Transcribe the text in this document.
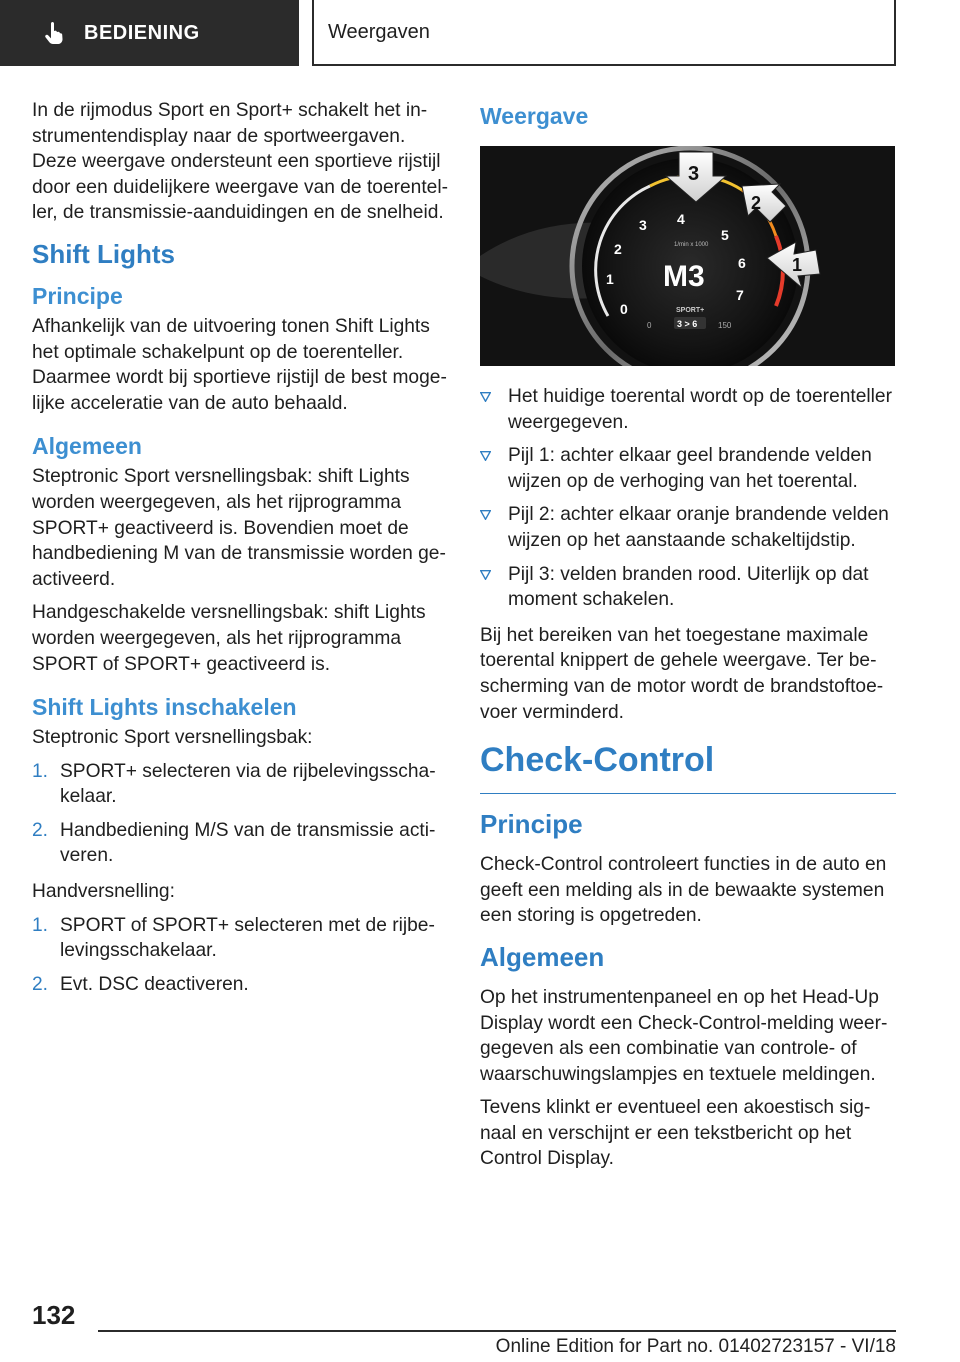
BEDIENING	Weergaven

In de rijmodus Sport en Sport+ schakelt het in strumentendisplay naar de sportweergaven. Deze weergave ondersteunt een sportieve rijstijl door een duidelijkere weergave van de toerentel ler, de transmissie-aanduidingen en de snelheid.

Shift Lights
Principe

Afhankelijk van de uitvoering tonen Shift Lights het optimale schakelpunt op de toerenteller. Daarmee wordt bij sportieve rijstijl de best moge lijke acceleratie van de auto behaald.

Algemeen

Steptronic Sport versnellingsbak: shift Lights worden weergegeven, als het rijprogramma SPORT+ geactiveerd is. Bovendien moet de handbediening M van de transmissie worden ge activeerd.

Handgeschakelde versnellingsbak: shift Lights worden weergegeven, als het rijprogramma SPORT of SPORT+ geactiveerd is.

Shift Lights inschakelen

Steptronic Sport versnellingsbak:

1. SPORT+ selecteren via de rijbelevingsscha kelaar.
2. Handbediening M/S van de transmissie acti veren.

Handversnelling:

1. SPORT of SPORT+ selecteren met de rijbe levingsschakelaar.
2. Evt. DSC deactiveren.
Weergave
0
1
2
3 4
5
6
7
1/min x 1000
M3
SPORT+
3 > 6
0	150
3
2
1
Het huidige toerental wordt op de toerenteller weergegeven.
Pijl 1: achter elkaar geel brandende velden wijzen op de verhoging van het toerental.
Pijl 2: achter elkaar oranje brandende velden wijzen op het aanstaande schakeltijdstip.
Pijl 3: velden branden rood. Uiterlijk op dat moment schakelen.

Bij het bereiken van het toegestane maximale toerental knippert de gehele weergave. Ter be scherming van de motor wordt de brandstoftoe voer verminderd.

Check-Control
Principe

Check-Control controleert functies in de auto en geeft een melding als in de bewaakte systemen een storing is opgetreden.

Algemeen

Op het instrumentenpaneel en op het Head-Up Display wordt een Check-Control-melding weer gegeven als een combinatie van controle- of waarschuwingslampjes en textuele meldingen.

Tevens klinkt er eventueel een akoestisch sig naal en verschijnt er een tekstbericht op het Control Display.

132
Online Edition for Part no. 01402723157 - VI/18
